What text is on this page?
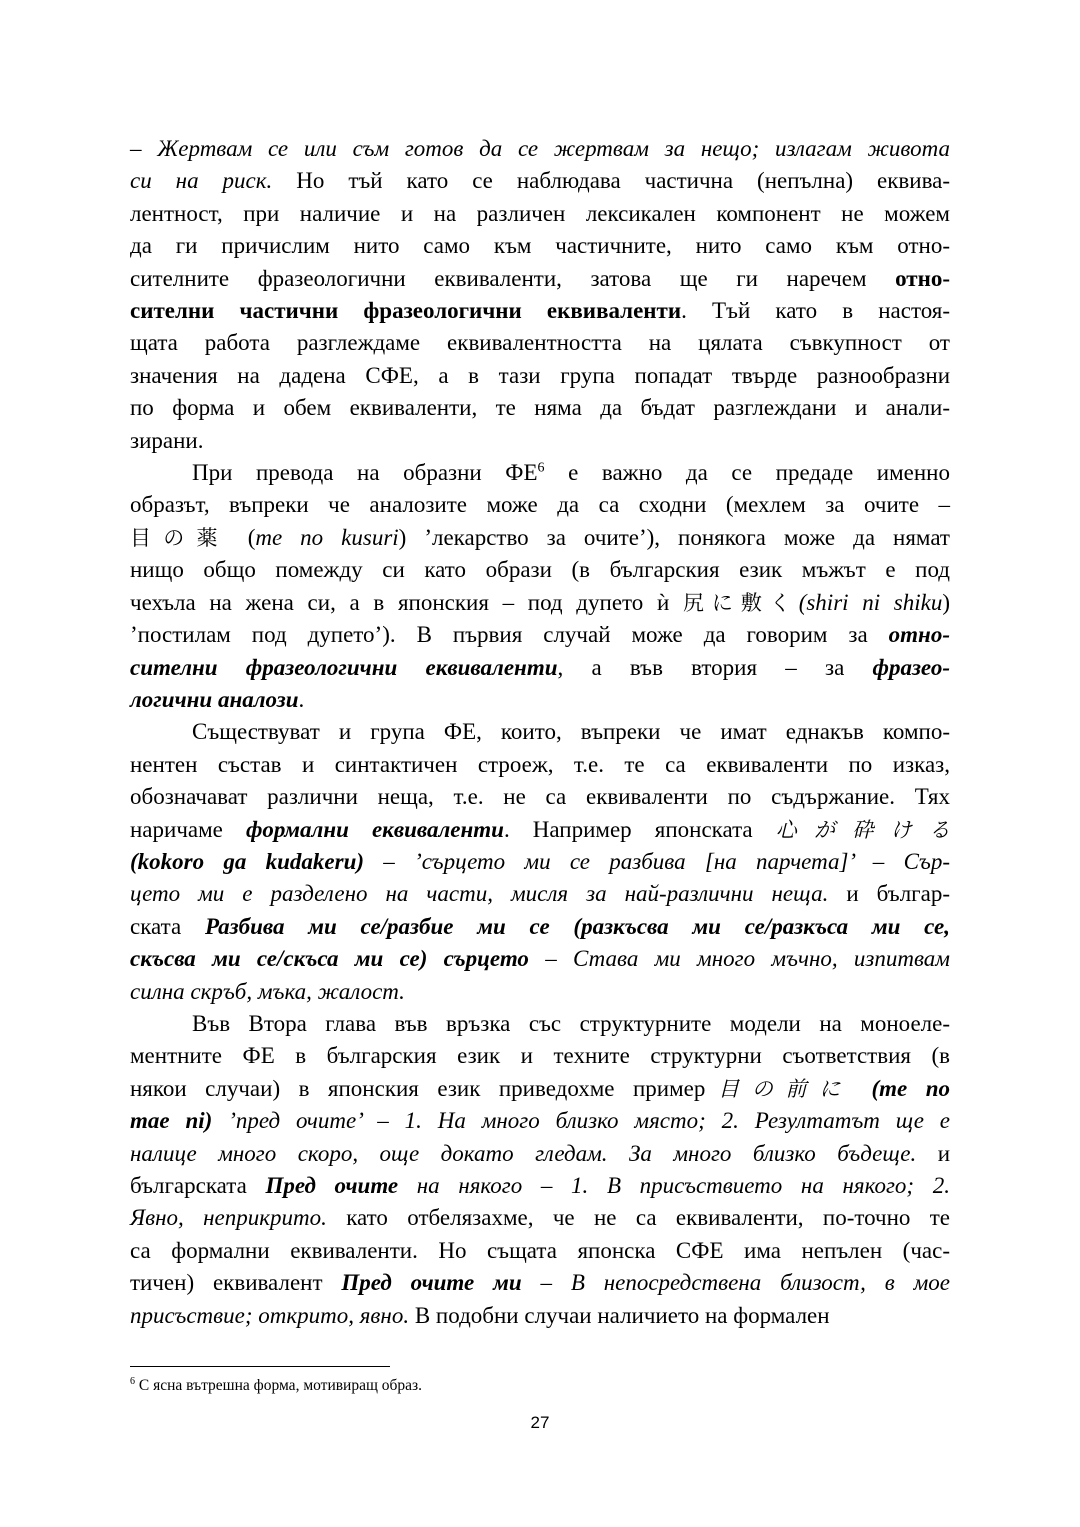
– Жертвам се или съм готов да се жертвам за нещо; излагам живота
си на риск. Но тъй като се наблюдава частична (непълна) еквива-
лентност, при наличие и на различен лексикален компонент не можем
да ги причислим нито само към частичните, нито само към отно-
сителните фразеологични еквиваленти, затова ще ги наречем отно-
сителни частични фразеологични еквиваленти. Тъй като в настоя-
щата работа разглеждаме еквивалентността на цялата съвкупност от
значения на дадена СФЕ, а в тази група попадат твърде разнообразни
по форма и обем еквиваленти, те няма да бъдат разглеждани и анали-
зирани.

При превода на образни $ФЕ^6$ е важно да се предаде именно
образът, въпреки че аналозите може да са сходни (мехлем за очите –
目の薬 (me no kusuri) ’лекарство за очите’), понякога може да нямат
нищо общо помежду си като образи (в българския език мъжът е под
чехъла на жена си, а в японския – под дупето ѝ 尻に敷く(shiri ni shiku)
’постилам под дупето’). В първия случай може да говорим за отно-
сителни фразеологични еквиваленти, а във втория – за фразео-
логични аналози.

Съществуват и група ФЕ, които, въпреки че имат еднакъв компо-
нентен състав и синтактичен строеж, т.е. те са еквиваленти по изказ,
обозначават различни неща, т.е. не са еквиваленти по съдържание. Тях
наричаме формални еквиваленти. Например японската 心が砕ける
(kokoro ga kudakeru) – ’сърцето ми се разбива [на парчета]’ – Сър-
цето ми е разделено на части, мисля за най-различни неща. и българ-
ската Разбива ми се/разбие ми се (разкъсва ми се/разкъса ми се,
скъсва ми се/скъса ми се) сърцето – Става ми много мъчно, изпитвам
силна скръб, мъка, жалост.

Във Втора глава във връзка със структурните модели на моноеле-
ментните ФЕ в българския език и техните структурни съответствия (в
някои случаи) в японския език приведохме пример目の前に (me no
mae ni) ’пред очите’ – 1. На много близко място; 2. Резултатът ще е
налице много скоро, още докато гледам. За много близко бъдеще. и
българската Пред очите на някого – 1. В присъствието на някого; 2.
Явно, неприкрито. като отбелязахме, че не са еквиваленти, по-точно те
са формални еквиваленти. Но същата японска СФЕ има непълен (час-
тичен) еквивалент Пред очите ми – В непосредствена близост, в мое
присъствие; открито, явно. В подобни случаи наличието на формален

$^6$ С ясна вътрешна форма, мотивиращ образ.
27
